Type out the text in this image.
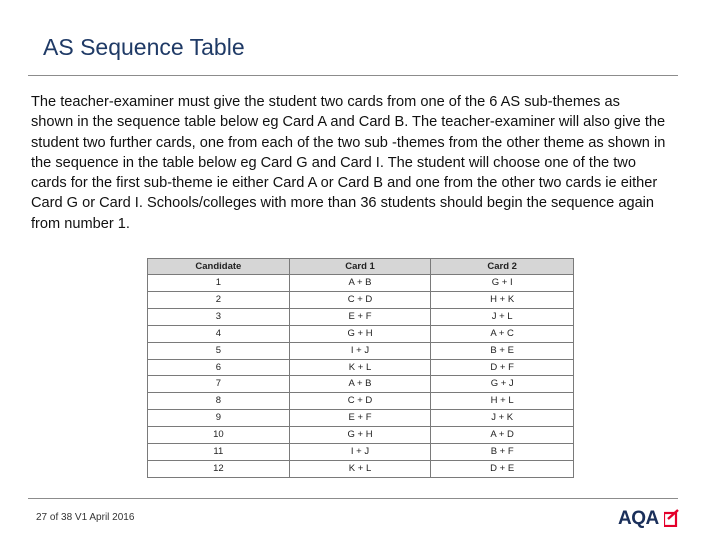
AS Sequence Table
The teacher-examiner must give the student two cards from one of the 6 AS sub-themes as shown in the sequence table below eg Card A and Card B. The teacher-examiner will also give the student two further cards, one from each of the two sub -themes from the other theme as shown in the sequence in the table below eg Card G and Card I. The student will choose one of the two cards for the first sub-theme ie either Card A or Card B and one from the other two cards ie either Card G or Card I. Schools/colleges with more than 36 students should begin the sequence again from number 1.
Candidate	Card 1	Card 2
1	A + B	G + I
2	C + D	H + K
3	E + F	J + L
4	G + H	A + C
5	I + J	B + E
6	K + L	D + F
7	A + B	G + J
8	C + D	H + L
9	E + F	J + K
10	G + H	A + D
11	I + J	B + F
12	K + L	D + E
27 of 38 V1 April 2016	AQA
